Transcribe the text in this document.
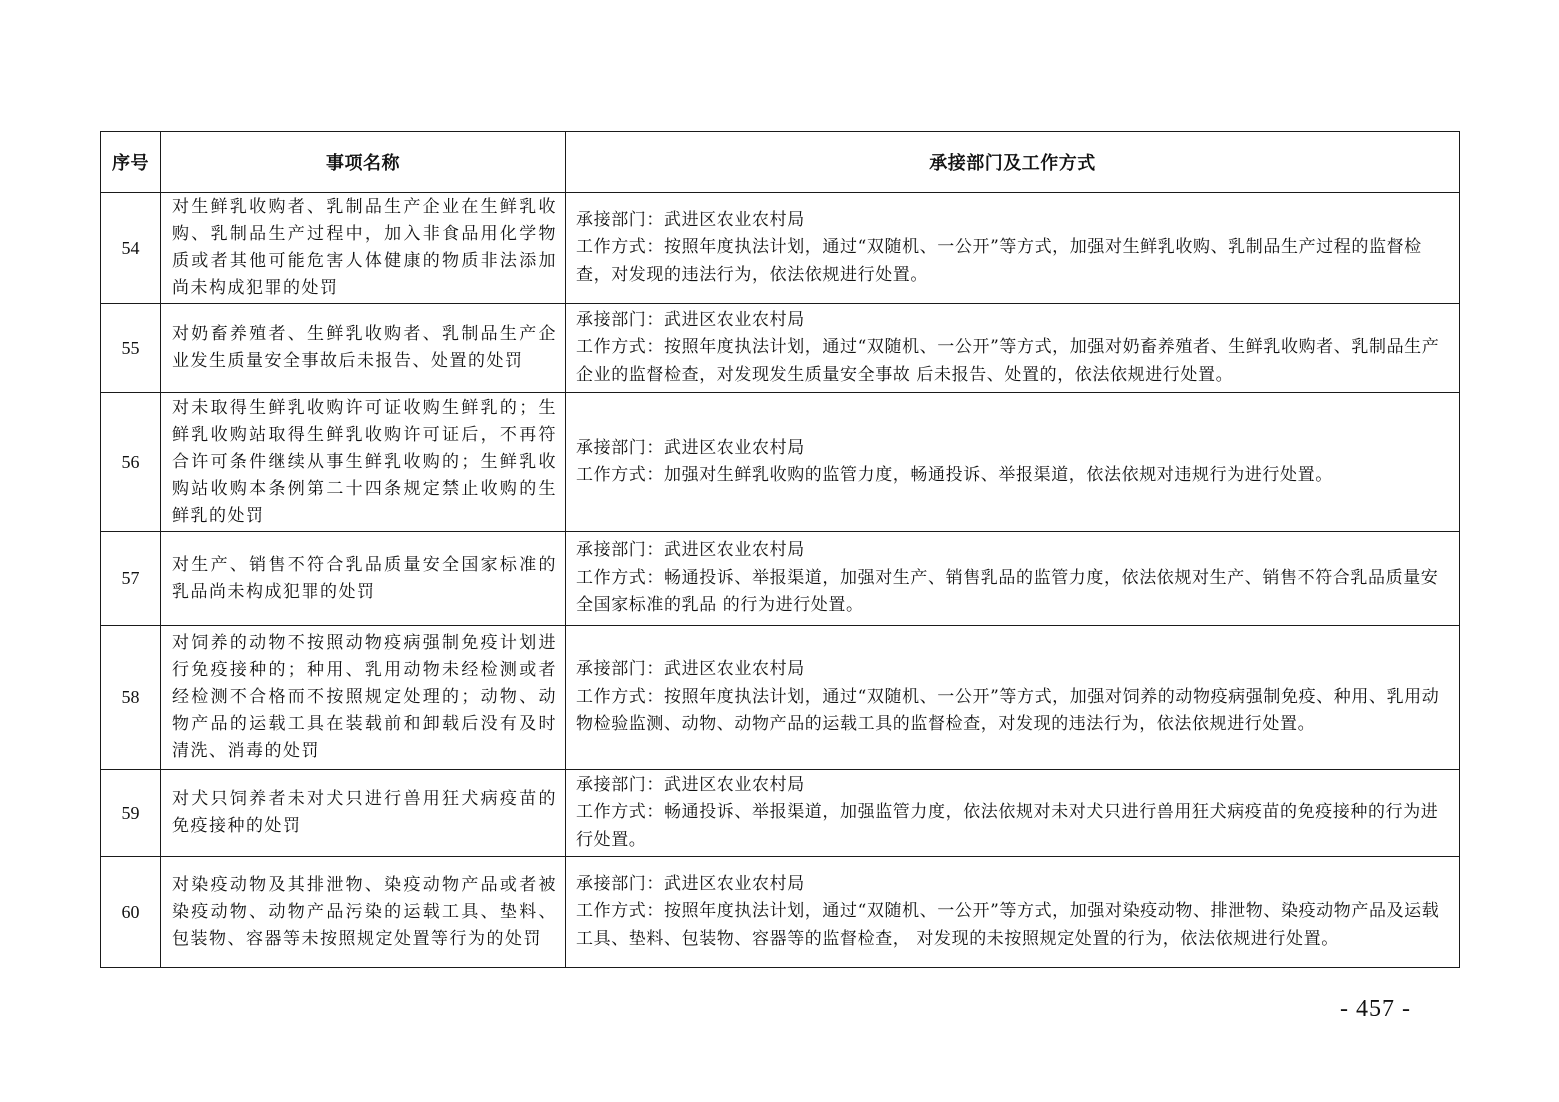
序号	事项名称	承接部门及工作方式
54	对生鲜乳收购者、乳制品生产企业在生鲜乳收购、乳制品生产过程中，加入非食品用化学物质或者其他可能危害人体健康的物质非法添加尚未构成犯罪的处罚	承接部门：武进区农业农村局
工作方式：按照年度执法计划，通过“双随机、一公开”等方式，加强对生鲜乳收购、乳制品生产过程的监督检查，对发现的违法行为，依法依规进行处置。

55	对奶畜养殖者、生鲜乳收购者、乳制品生产企业发生质量安全事故后未报告、处置的处罚	承接部门：武进区农业农村局
工作方式：按照年度执法计划，通过“双随机、一公开”等方式，加强对奶畜养殖者、生鲜乳收购者、乳制品生产企业的监督检查，对发现发生质量安全事故 后未报告、处置的，依法依规进行处置。

56	对未取得生鲜乳收购许可证收购生鲜乳的；生鲜乳收购站取得生鲜乳收购许可证后，不再符合许可条件继续从事生鲜乳收购的；生鲜乳收购站收购本条例第二十四条规定禁止收购的生鲜乳的处罚	承接部门：武进区农业农村局
工作方式：加强对生鲜乳收购的监管力度，畅通投诉、举报渠道，依法依规对违规行为进行处置。

57	对生产、销售不符合乳品质量安全国家标准的乳品尚未构成犯罪的处罚	承接部门：武进区农业农村局
工作方式：畅通投诉、举报渠道，加强对生产、销售乳品的监管力度，依法依规对生产、销售不符合乳品质量安全国家标准的乳品 的行为进行处置。

58	对饲养的动物不按照动物疫病强制免疫计划进行免疫接种的；种用、乳用动物未经检测或者经检测不合格而不按照规定处理的；动物、动物产品的运载工具在装载前和卸载后没有及时清洗、消毒的处罚	承接部门：武进区农业农村局
工作方式：按照年度执法计划，通过“双随机、一公开”等方式，加强对饲养的动物疫病强制免疫、种用、乳用动物检验监测、动物、动物产品的运载工具的监督检查，对发现的违法行为，依法依规进行处置。

59	对犬只饲养者未对犬只进行兽用狂犬病疫苗的免疫接种的处罚	承接部门：武进区农业农村局
工作方式：畅通投诉、举报渠道，加强监管力度，依法依规对未对犬只进行兽用狂犬病疫苗的免疫接种的行为进行处置。

60	对染疫动物及其排泄物、染疫动物产品或者被染疫动物、动物产品污染的运载工具、垫料、包装物、容器等未按照规定处置等行为的处罚	承接部门：武进区农业农村局
工作方式：按照年度执法计划，通过“双随机、一公开”等方式，加强对染疫动物、排泄物、染疫动物产品及运载工具、垫料、包装物、容器等的监督检查， 对发现的未按照规定处置的行为，依法依规进行处置。
- 457 -
